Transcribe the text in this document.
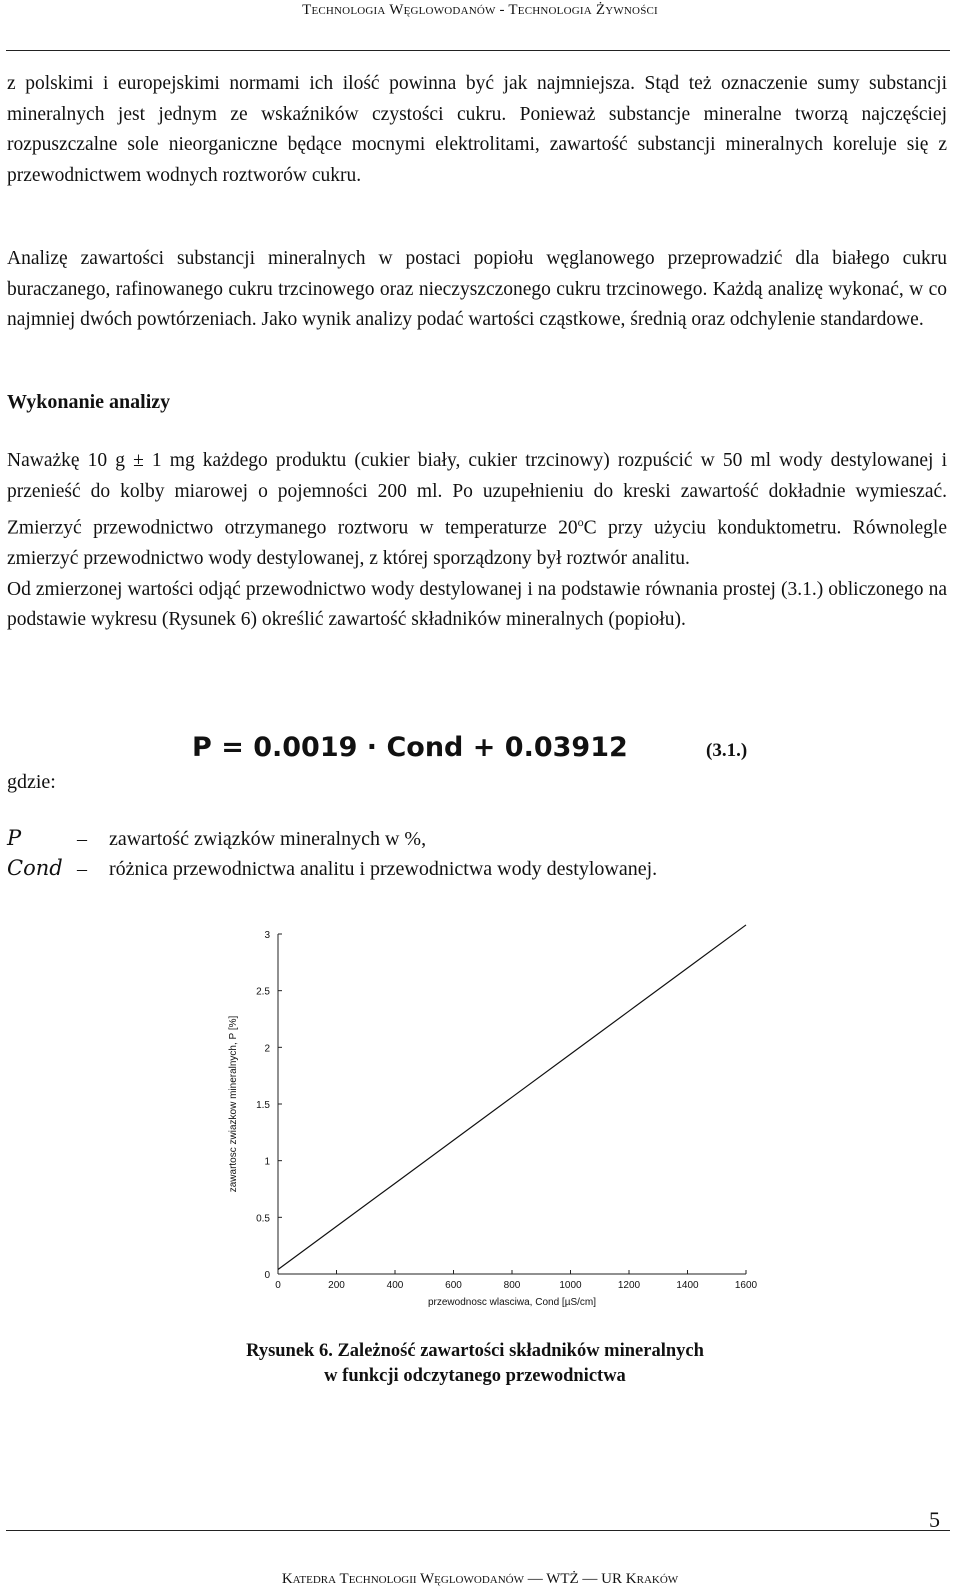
Technologia Węglowodanów - Technologia Żywności

z polskimi i europejskimi normami ich ilość powinna być jak najmniejsza. Stąd też oznaczenie sumy substancji mineralnych jest jednym ze wskaźników czystości cukru. Ponieważ substancje mineralne tworzą najczęściej rozpuszczalne sole nieorganiczne będące mocnymi elektrolitami, zawartość substancji mineralnych koreluje się z przewodnictwem wodnych roztworów cukru.

Analizę zawartości substancji mineralnych w postaci popiołu węglanowego przeprowadzić dla białego cukru buraczanego, rafinowanego cukru trzcinowego oraz nieczyszczonego cukru trzcinowego. Każdą analizę wykonać, w co najmniej dwóch powtórzeniach. Jako wynik analizy podać wartości cząstkowe, średnią oraz odchylenie standardowe.

Wykonanie analizy

Naważkę 10 g ± 1 mg każdego produktu (cukier biały, cukier trzcinowy) rozpuścić w 50 ml wody destylowanej i przenieść do kolby miarowej o pojemności 200 ml. Po uzupełnieniu do kreski zawartość dokładnie wymieszać. Zmierzyć przewodnictwo otrzymanego roztworu w temperaturze 20$^o$C przy użyciu konduktometru. Równolegle zmierzyć przewodnictwo wody destylowanej, z której sporządzony był roztwór analitu.

Od zmierzonej wartości odjąć przewodnictwo wody destylowanej i na podstawie równania prostej (3.1.) obliczonego na podstawie wykresu (Rysunek 6) określić zawartość składników mineralnych (popiołu).

P = 0.0019 · Cond + 0.03912	(3.1.)
gdzie:
P	– zawartość związków mineralnych w %,
Cond – różnica przewodnictwa analitu i przewodnictwa wody destylowanej.
0	200	400	600	800	1000	1200	1400	1600
0
0.5
1
1.5
2
2.5
3
przewodnosc wlasciwa, Cond [µS/cm]
zawartosc zwiazkow mineralnych, P [%]
Rysunek 6. Zależność zawartości składników mineralnych
w funkcji odczytanego przewodnictwa
5
Katedra Technologii Węglowodanów — WTŻ — UR Kraków
